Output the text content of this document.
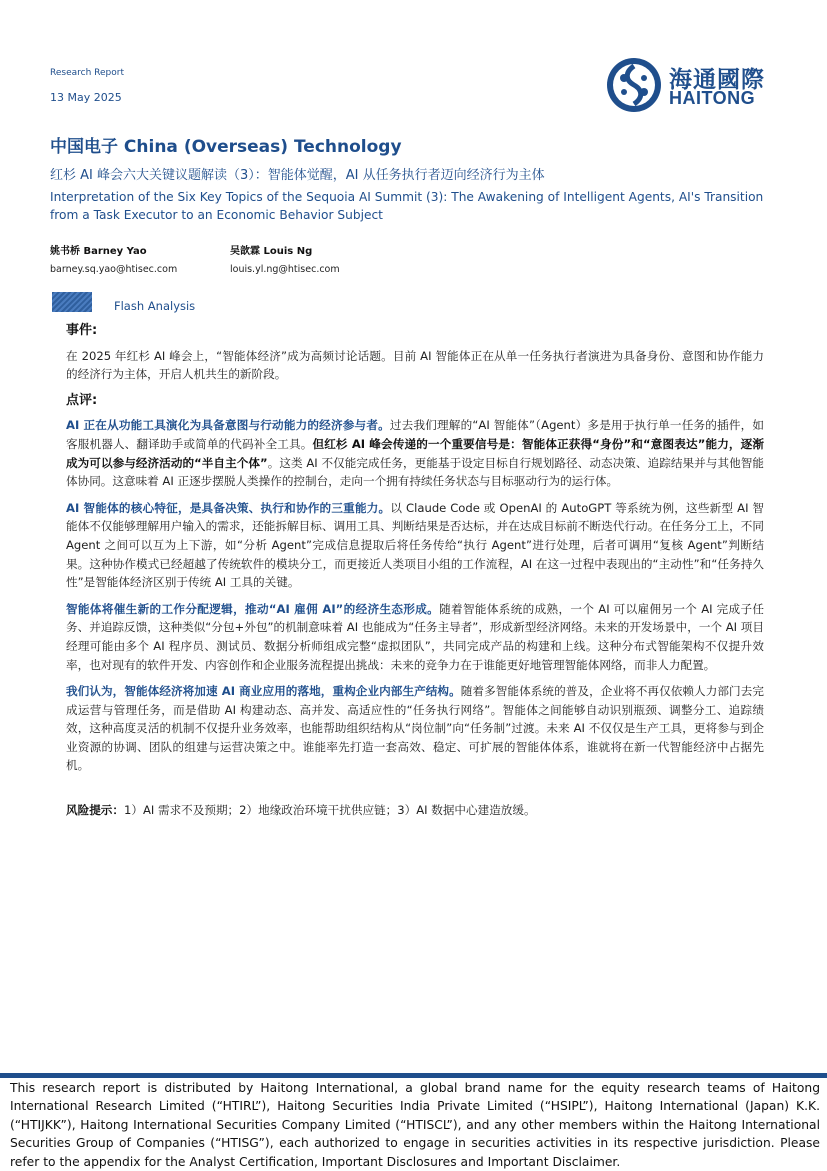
Research Report
13 May 2025
海通國際
HAITONG
中国电子 China (Overseas) Technology
红杉 AI 峰会六大关键议题解读（3）：智能体觉醒，AI 从任务执行者迈向经济行为主体
Interpretation of the Six Key Topics of the Sequoia AI Summit (3): The Awakening of Intelligent Agents, AI's Transition from a Task Executor to an Economic Behavior Subject
姚书桥 Barney Yao
barney.sq.yao@htisec.com
吴歆霖 Louis Ng
louis.yl.ng@htisec.com
Flash Analysis
事件:
在 2025 年红杉 AI 峰会上，“智能体经济”成为高频讨论话题。目前 AI 智能体正在从单一任务执行者演进为具备身份、意图和协作能力的经济行为主体，开启人机共生的新阶段。
点评:
AI 正在从功能工具演化为具备意图与行动能力的经济参与者。过去我们理解的“AI 智能体”（Agent）多是用于执行单一任务的插件，如客服机器人、翻译助手或简单的代码补全工具。但红杉 AI 峰会传递的一个重要信号是：智能体正获得“身份”和“意图表达”能力，逐渐成为可以参与经济活动的“半自主个体”。这类 AI 不仅能完成任务，更能基于设定目标自行规划路径、动态决策、追踪结果并与其他智能体协同。这意味着 AI 正逐步摆脱人类操作的控制台，走向一个拥有持续任务状态与目标驱动行为的运行体。
AI 智能体的核心特征，是具备决策、执行和协作的三重能力。以 Claude Code 或 OpenAI 的 AutoGPT 等系统为例，这些新型 AI 智能体不仅能够理解用户输入的需求，还能拆解目标、调用工具、判断结果是否达标，并在达成目标前不断迭代行动。在任务分工上，不同 Agent 之间可以互为上下游，如“分析 Agent”完成信息提取后将任务传给“执行 Agent”进行处理，后者可调用“复核 Agent”判断结果。这种协作模式已经超越了传统软件的模块分工，而更接近人类项目小组的工作流程，AI 在这一过程中表现出的“主动性”和“任务持久性”是智能体经济区别于传统 AI 工具的关键。
智能体将催生新的工作分配逻辑，推动“AI 雇佣 AI”的经济生态形成。随着智能体系统的成熟，一个 AI 可以雇佣另一个 AI 完成子任务、并追踪反馈，这种类似“分包+外包”的机制意味着 AI 也能成为“任务主导者”，形成新型经济网络。未来的开发场景中，一个 AI 项目经理可能由多个 AI 程序员、测试员、数据分析师组成完整“虚拟团队”，共同完成产品的构建和上线。这种分布式智能架构不仅提升效率，也对现有的软件开发、内容创作和企业服务流程提出挑战：未来的竞争力在于谁能更好地管理智能体网络，而非人力配置。
我们认为，智能体经济将加速 AI 商业应用的落地，重构企业内部生产结构。随着多智能体系统的普及，企业将不再仅依赖人力部门去完成运营与管理任务，而是借助 AI 构建动态、高并发、高适应性的“任务执行网络”。智能体之间能够自动识别瓶颈、调整分工、追踪绩效，这种高度灵活的机制不仅提升业务效率，也能帮助组织结构从“岗位制”向“任务制”过渡。未来 AI 不仅仅是生产工具，更将参与到企业资源的协调、团队的组建与运营决策之中。谁能率先打造一套高效、稳定、可扩展的智能体体系，谁就将在新一代智能经济中占据先机。
风险提示：1）AI 需求不及预期；2）地缘政治环境干扰供应链；3）AI 数据中心建造放缓。
This research report is distributed by Haitong International, a global brand name for the equity research teams of Haitong International Research Limited (“HTIRL”), Haitong Securities India Private Limited (“HSIPL”), Haitong International (Japan) K.K. (“HTIJKK”), Haitong International Securities Company Limited (“HTISCL”), and any other members within the Haitong International Securities Group of Companies (“HTISG”), each authorized to engage in securities activities in its respective jurisdiction. Please refer to the appendix for the Analyst Certification, Important Disclosures and Important Disclaimer.
